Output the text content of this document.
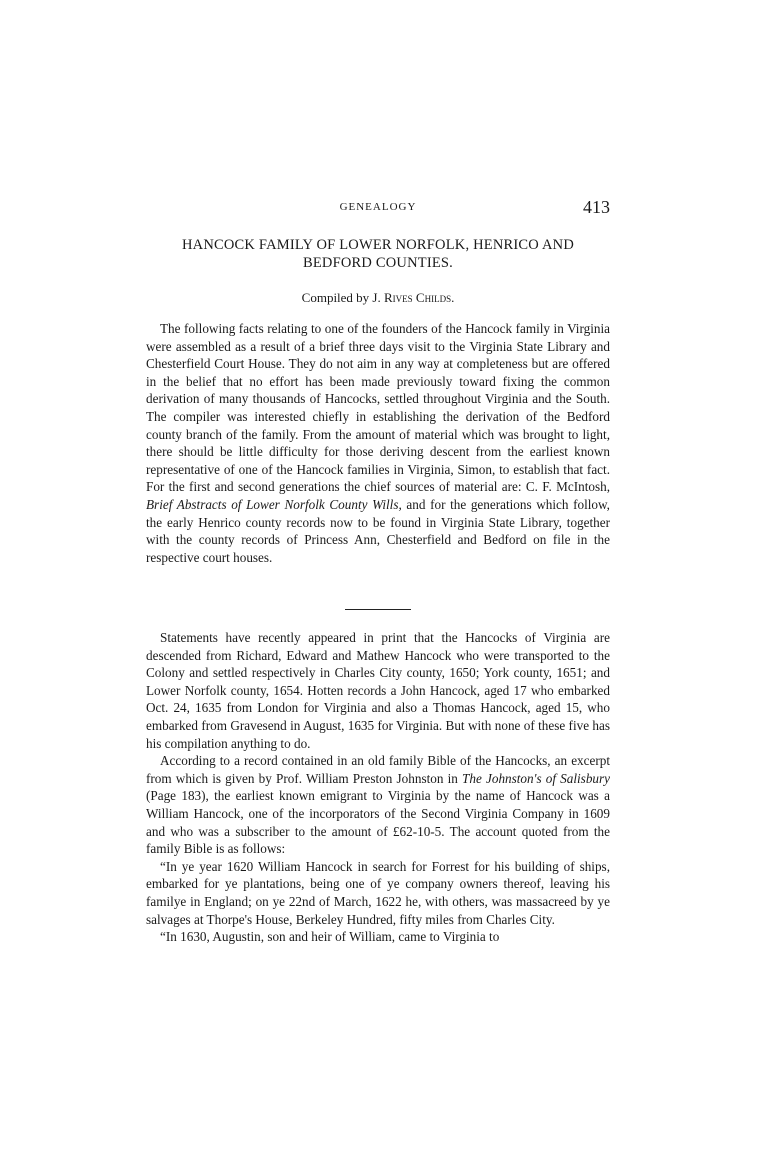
GENEALOGY	413
HANCOCK FAMILY OF LOWER NORFOLK, HENRICO AND
BEDFORD COUNTIES.
Compiled by J. Rives Childs.

The following facts relating to one of the founders of the Hancock family in Virginia were assembled as a result of a brief three days visit to the Virginia State Library and Chesterfield Court House. They do not aim in any way at completeness but are offered in the belief that no effort has been made previously toward fixing the common derivation of many thousands of Hancocks, settled throughout Virginia and the South. The compiler was interested chiefly in establishing the derivation of the Bedford county branch of the family. From the amount of material which was brought to light, there should be little difficulty for those deriving descent from the earliest known representative of one of the Hancock families in Virginia, Simon, to establish that fact. For the first and second generations the chief sources of material are: C. F. McIntosh, Brief Abstracts of Lower Norfolk County Wills, and for the generations which follow, the early Henrico county records now to be found in Virginia State Library, together with the county records of Princess Ann, Chesterfield and Bedford on file in the respective court houses.

Statements have recently appeared in print that the Hancocks of Virginia are descended from Richard, Edward and Mathew Hancock who were transported to the Colony and settled respectively in Charles City county, 1650; York county, 1651; and Lower Norfolk county, 1654. Hotten records a John Hancock, aged 17 who embarked Oct. 24, 1635 from London for Virginia and also a Thomas Hancock, aged 15, who embarked from Gravesend in August, 1635 for Virginia. But with none of these five has his compilation anything to do.

According to a record contained in an old family Bible of the Hancocks, an excerpt from which is given by Prof. William Preston Johnston in The Johnston's of Salisbury (Page 183), the earliest known emigrant to Virginia by the name of Hancock was a William Hancock, one of the incorporators of the Second Virginia Company in 1609 and who was a subscriber to the amount of £62-10-5. The account quoted from the family Bible is as follows:

“In ye year 1620 William Hancock in search for Forrest for his building of ships, embarked for ye plantations, being one of ye company owners thereof, leaving his familye in England; on ye 22nd of March, 1622 he, with others, was massacreed by ye salvages at Thorpe's House, Berkeley Hundred, fifty miles from Charles City.

“In 1630, Augustin, son and heir of William, came to Virginia to
